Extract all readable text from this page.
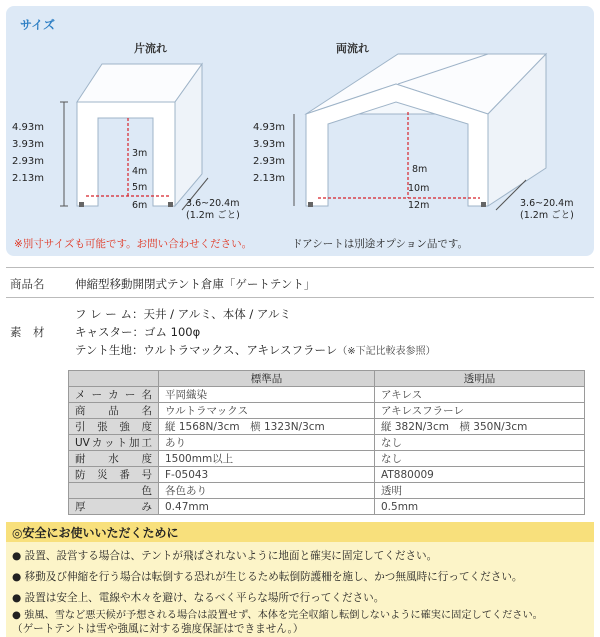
サイズ
片流れ
4.93m
3.93m
2.93m
2.13m
3m
4m
5m
6m	3.6~20.4m
(1.2m ごと)
両流れ
4.93m
3.93m
2.93m
2.13m
8m
10m
12m	3.6~20.4m
(1.2m ごと)
※別寸サイズも可能です。お問い合わせください。	ドアシートは別途オプション品です。
商品名	伸縮型移動開閉式テント倉庫「ゲートテント」
素　材
フ レ ー ム：天井 / アルミ、本体 / アルミ
キャスター：ゴム 100φ
テント生地：ウルトラマックス、アキレスフラーレ（※下記比較表参照）
	標準品	透明品
メーカー名	平岡織染	アキレス
商品名	ウルトラマックス	アキレスフラーレ
引張強度	縦 1568N/3cm　横 1323N/3cm	縦 382N/3cm　横 350N/3cm
UVカット加工	あり	なし
耐水度	1500mm以上	なし
防災番号	F-05043	AT880009
色	各色あり	透明
厚み	0.47mm	0.5mm
◎安全にお使いいただくために
● 設置、設営する場合は、テントが飛ばされないように地面と確実に固定してください。
● 移動及び伸縮を行う場合は転倒する恐れが生じるため転倒防護柵を施し、かつ無風時に行ってください。
● 設置は安全上、電線や木々を避け、なるべく平らな場所で行ってください。
● 強風、雪など悪天候が予想される場合は設置せず、本体を完全収縮し転倒しないように確実に固定してください。
（ゲートテントは雪や強風に対する強度保証はできません。）
